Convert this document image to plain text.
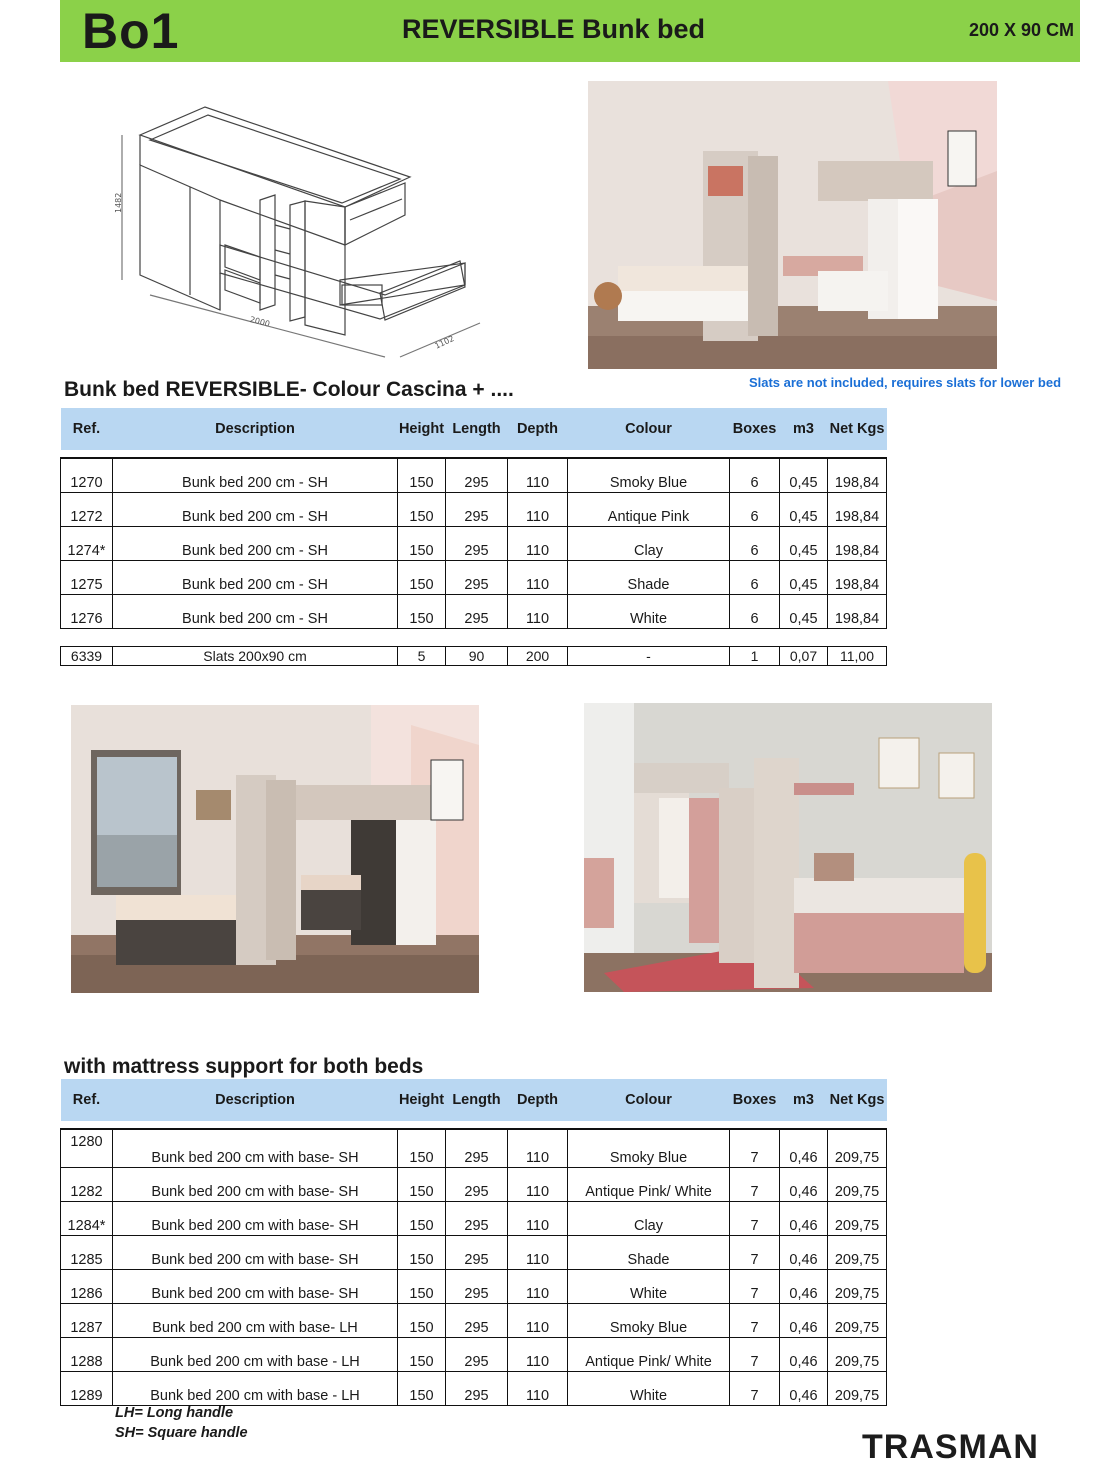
Bo1	REVERSIBLE Bunk bed	200 X 90 CM
1482
2000
1102
Bunk bed REVERSIBLE- Colour Cascina + ....	Slats are not included, requires slats for lower bed
Ref.	Description	Height	Length	Depth	Colour	Boxes	m3	Net Kgs

1270	Bunk bed 200 cm - SH	150	295	110	Smoky Blue	6	0,45	198,84
1272	Bunk bed 200 cm - SH	150	295	110	Antique Pink	6	0,45	198,84
1274*	Bunk bed 200 cm - SH	150	295	110	Clay	6	0,45	198,84
1275	Bunk bed 200 cm - SH	150	295	110	Shade	6	0,45	198,84
1276	Bunk bed 200 cm - SH	150	295	110	White	6	0,45	198,84

6339	Slats 200x90 cm	5	90	200	-	1	0,07	11,00
with mattress support for both beds
Ref.	Description	Height	Length	Depth	Colour	Boxes	m3	Net Kgs

1280	Bunk bed 200 cm with base- SH	150	295	110	Smoky Blue	7	0,46	209,75
1282	Bunk bed 200 cm with base- SH	150	295	110	Antique Pink/ White	7	0,46	209,75
1284*	Bunk bed 200 cm with base- SH	150	295	110	Clay	7	0,46	209,75
1285	Bunk bed 200 cm with base- SH	150	295	110	Shade	7	0,46	209,75
1286	Bunk bed 200 cm with base- SH	150	295	110	White	7	0,46	209,75
1287	Bunk bed 200 cm with base- LH	150	295	110	Smoky Blue	7	0,46	209,75
1288	Bunk bed 200 cm with base - LH	150	295	110	Antique Pink/ White	7	0,46	209,75
1289	Bunk bed 200 cm with base - LH	150	295	110	White	7	0,46	209,75
LH= Long handle
SH= Square handle	TRASMAN
